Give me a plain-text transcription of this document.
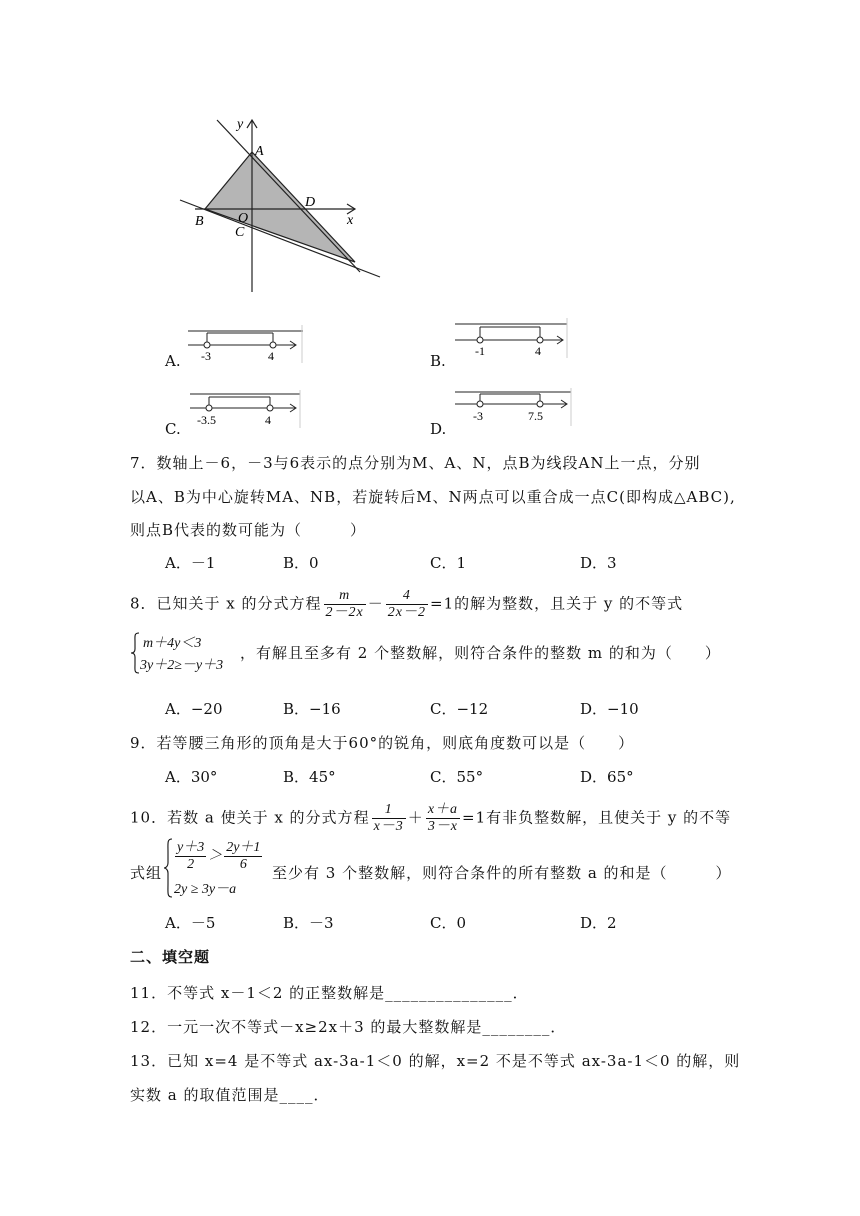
y
A
D
x
B O
C
A. -3	4	B.
-1	4
C. -3.5	4	D.
-3	7.5
7．数轴上－6，－3与6表示的点分别为M、A、N，点B为线段AN上一点，分别
以A、B为中心旋转MA、NB，若旋转后M、N两点可以重合成一点C(即构成△ABC),
则点B代表的数可能为（　　　）
A．－1	B．0	C．1	D．3
8．已知关于 x 的分式方程 $\frac{m}{2-2x} - \frac{4}{2x-2} =1$的解为整数，且关于 y 的不等式
m＋4y＜3
3y＋2≥－y＋3
，有解且至多有 2 个整数解，则符合条件的整数 m 的和为（　　）
A．−20	B．−16	C．−12	D．−10
9．若等腰三角形的顶角是大于60°的锐角，则底角度数可以是（　　）
A．30°	B．45°	C．55°	D．65°
10．若数 a 使关于 x 的分式方程 $\frac{1}{x-3} + \frac{x+a}{3-x} =1$有非负整数解，且使关于 y 的不等
式组 $\frac{y+3}{2} > \frac{2y+1}{6}$
2y ≥ 3y－a
至少有 3 个整数解，则符合条件的所有整数 a 的和是（　　　）
A．－5	B．－3	C．0	D．2
二、填空题
11．不等式 x－1＜2 的正整数解是_______________．
12．一元一次不等式－x≥2x＋3 的最大整数解是________．
13．已知 x=4 是不等式 ax-3a-1＜0 的解，x=2 不是不等式 ax-3a-1＜0 的解，则
实数 a 的取值范围是____．
